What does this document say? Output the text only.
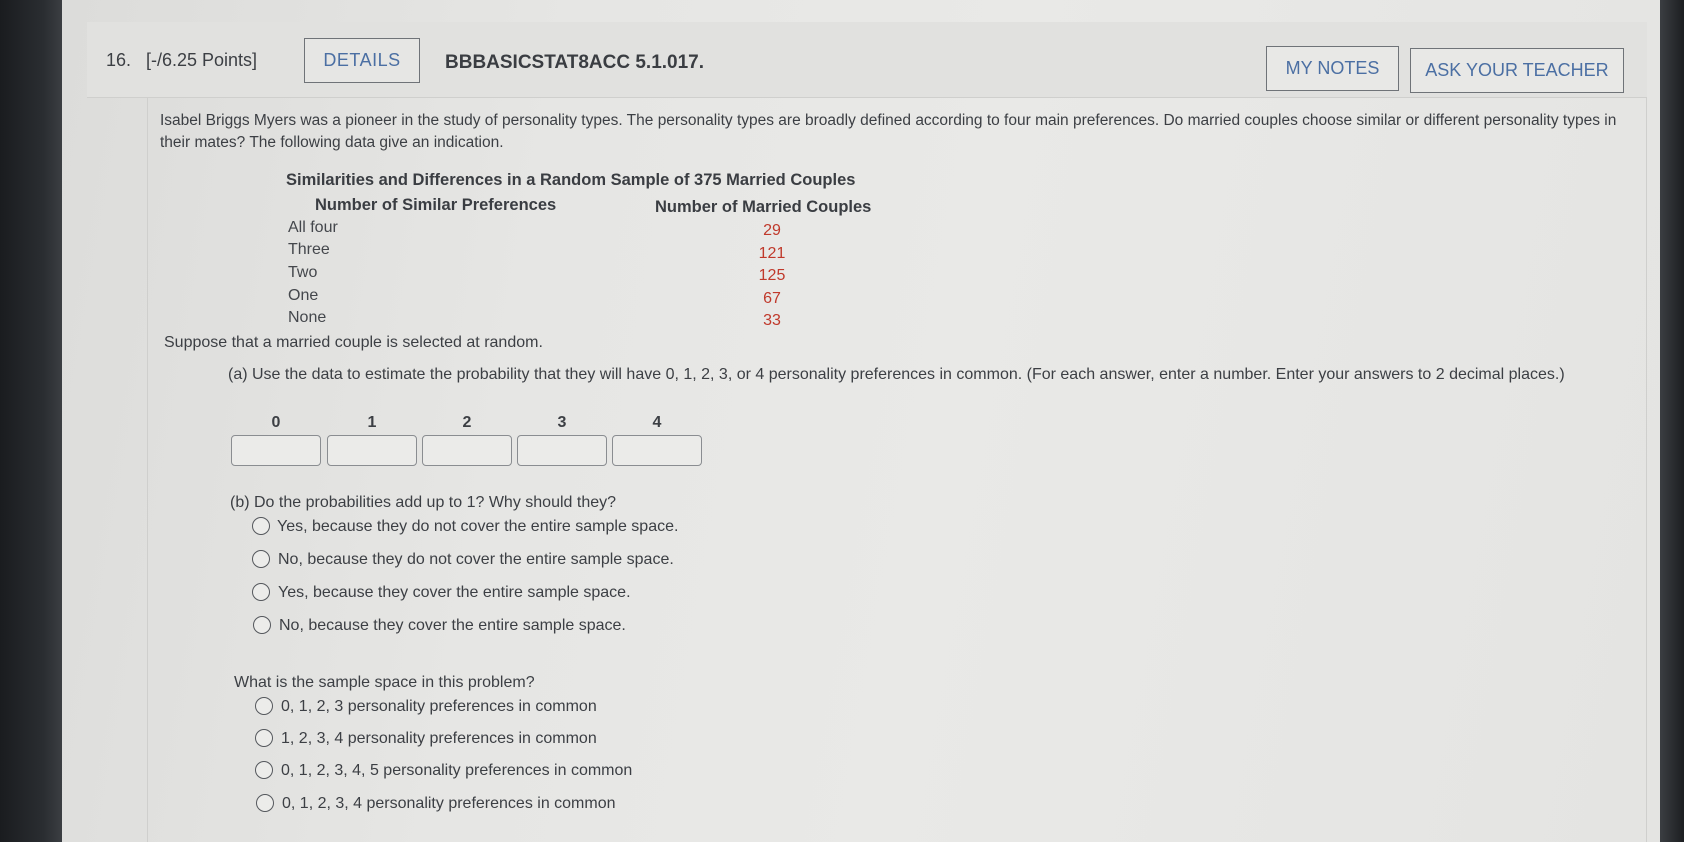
16. [-/6.25 Points]	DETAILS	BBBASICSTAT8ACC 5.1.017.	MY NOTES	ASK YOUR TEACHER

Isabel Briggs Myers was a pioneer in the study of personality types. The personality types are broadly defined according to four main preferences. Do married couples choose similar or different personality types in their mates? The following data give an indication.

Similarities and Differences in a Random Sample of 375 Married Couples
Number of Similar Preferences	Number of Married Couples
All four	29
Three	121
Two	125
One	67
None	33
Suppose that a married couple is selected at random.

(a) Use the data to estimate the probability that they will have 0, 1, 2, 3, or 4 personality preferences in common. (For each answer, enter a number. Enter your answers to 2 decimal places.)

0	1	2	3	4
(b) Do the probabilities add up to 1? Why should they?
Yes, because they do not cover the entire sample space.
No, because they do not cover the entire sample space.
Yes, because they cover the entire sample space.
No, because they cover the entire sample space.
What is the sample space in this problem?
0, 1, 2, 3 personality preferences in common
1, 2, 3, 4 personality preferences in common
0, 1, 2, 3, 4, 5 personality preferences in common
0, 1, 2, 3, 4 personality preferences in common
